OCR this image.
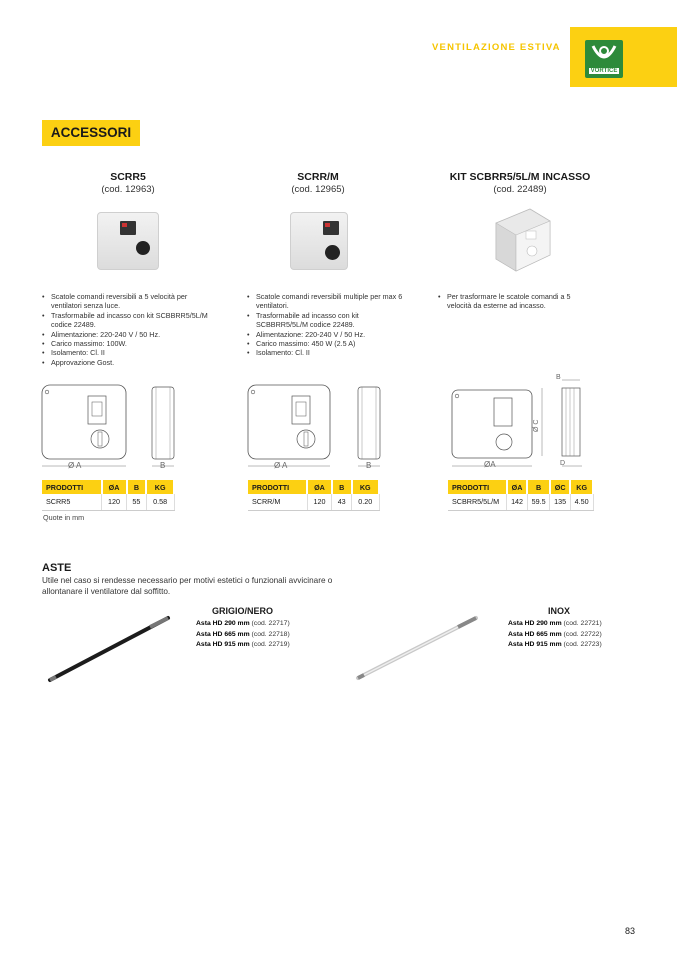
VENTILAZIONE ESTIVA
VORTICE
ACCESSORI
SCRR5
(cod. 12963)
• Scatole comandi reversibili a 5 velocità per ventilatori senza luce.
• Trasformabile ad incasso con kit SCBBRR5/5L/M codice 22489.
• Alimentazione: 220-240 V / 50 Hz.
• Carico massimo: 100W.
• Isolamento: Cl. II
• Approvazione Gost.
Ø A	B
PRODOTTI	ØA	B	KG
SCRR5	120	55	0.58
SCRR/M
(cod. 12965)
• Scatole comandi reversibili multiple per max 6 ventilatori.
• Trasformabile ad incasso con kit SCBBRR5/5L/M codice 22489.
• Alimentazione: 220-240 V / 50 Hz.
• Carico massimo: 450 W (2.5 A)
• Isolamento: Cl. II
Ø A	B
PRODOTTI	ØA	B	KG
SCRR/M	120	43	0.20
KIT SCBRR5/5L/M INCASSO
(cod. 22489)
• Per trasformare le scatole comandi a 5 velocità da esterne ad incasso.
B
Ø C
ØA	D
PRODOTTI	ØA	B	ØC	KG
SCBRR5/5L/M	142	59.5	135	4.50
Quote in mm
ASTE
Utile nel caso si rendesse necessario per motivi estetici o funzionali avvicinare o allontanare il ventilatore dal soffitto.
GRIGIO/NERO
Asta HD 290 mm (cod. 22717)
Asta HD 665 mm (cod. 22718)
Asta HD 915 mm (cod. 22719)
INOX
Asta HD 290 mm (cod. 22721)
Asta HD 665 mm (cod. 22722)
Asta HD 915 mm (cod. 22723)
83
